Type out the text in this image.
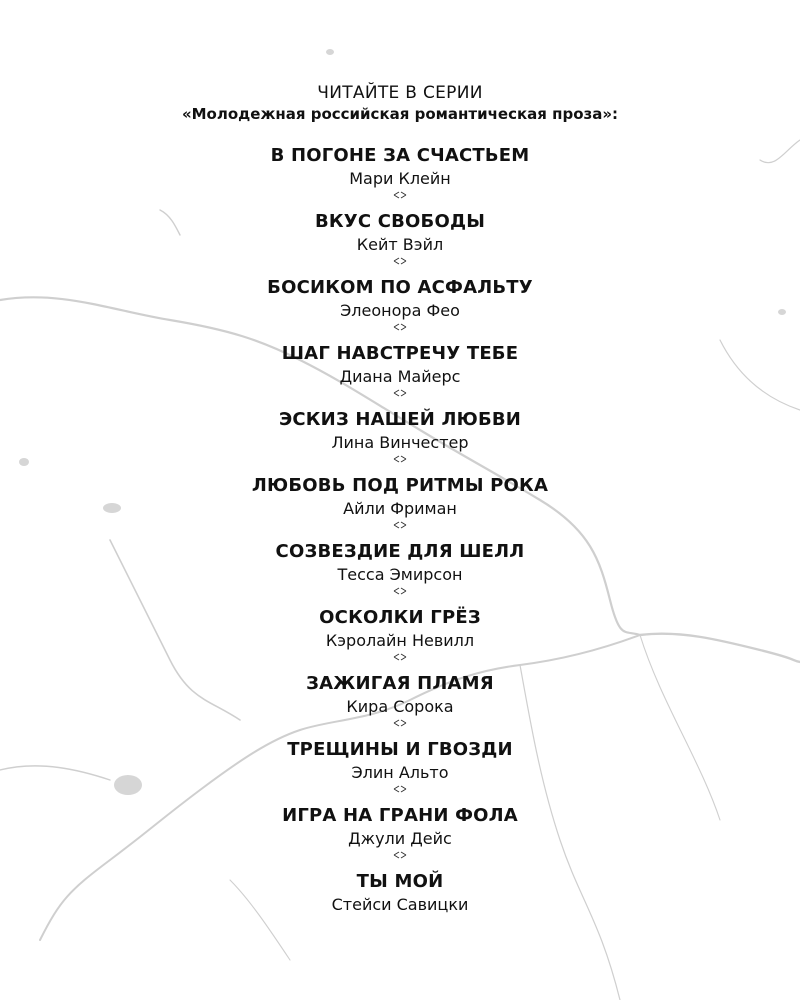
ЧИТАЙТЕ В СЕРИИ

«Молодежная российская романтическая проза»:

В ПОГОНЕ ЗА СЧАСТЬЕМ
Мари Клейн
ВКУС СВОБОДЫ
Кейт Вэйл
БОСИКОМ ПО АСФАЛЬТУ
Элеонора Фео
ШАГ НАВСТРЕЧУ ТЕБЕ
Диана Майерс
ЭСКИЗ НАШЕЙ ЛЮБВИ
Лина Винчестер
ЛЮБОВЬ ПОД РИТМЫ РОКА
Айли Фриман
СОЗВЕЗДИЕ ДЛЯ ШЕЛЛ
Тесса Эмирсон
ОСКОЛКИ ГРЁЗ
Кэролайн Невилл
ЗАЖИГАЯ ПЛАМЯ
Кира Сорока
ТРЕЩИНЫ И ГВОЗДИ
Элин Альто
ИГРА НА ГРАНИ ФОЛА
Джули Дейс
ТЫ МОЙ
Стейси Савицки
